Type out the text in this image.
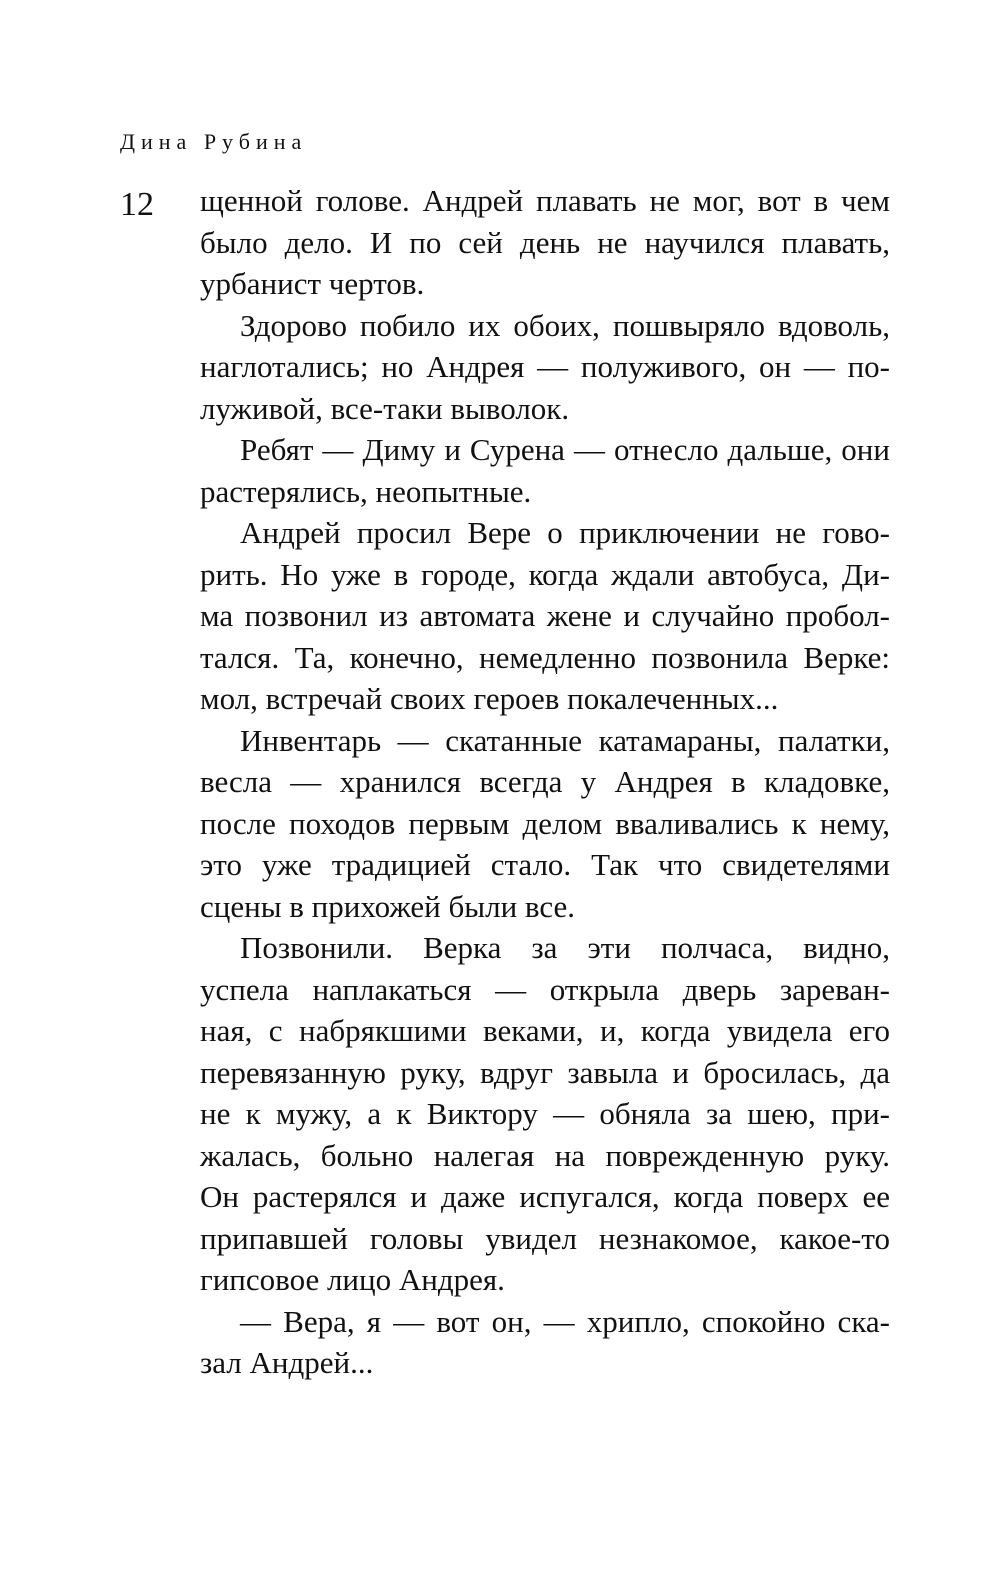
Дина Рубина
12 щенной голове. Андрей плавать не мог, вот в чем
было дело. И по сей день не научился плавать,
урбанист чертов.
Здорово побило их обоих, пошвыряло вдоволь,
наглотались; но Андрея — полуживого, он — по-
луживой, все-таки выволок.
Ребят — Диму и Сурена — отнесло дальше, они
растерялись, неопытные.
Андрей просил Вере о приключении не гово-
рить. Но уже в городе, когда ждали автобуса, Ди-
ма позвонил из автомата жене и случайно пробол-
тался. Та, конечно, немедленно позвонила Верке:
мол, встречай своих героев покалеченных...
Инвентарь — скатанные катамараны, палатки,
весла — хранился всегда у Андрея в кладовке,
после походов первым делом вваливались к нему,
это уже традицией стало. Так что свидетелями
сцены в прихожей были все.
Позвонили. Верка за эти полчаса, видно,
успела наплакаться — открыла дверь зареван-
ная, с набрякшими веками, и, когда увидела его
перевязанную руку, вдруг завыла и бросилась, да
не к мужу, а к Виктору — обняла за шею, при-
жалась, больно налегая на поврежденную руку.
Он растерялся и даже испугался, когда поверх ее
припавшей головы увидел незнакомое, какое-то
гипсовое лицо Андрея.
— Вера, я — вот он, — хрипло, спокойно ска-
зал Андрей...
